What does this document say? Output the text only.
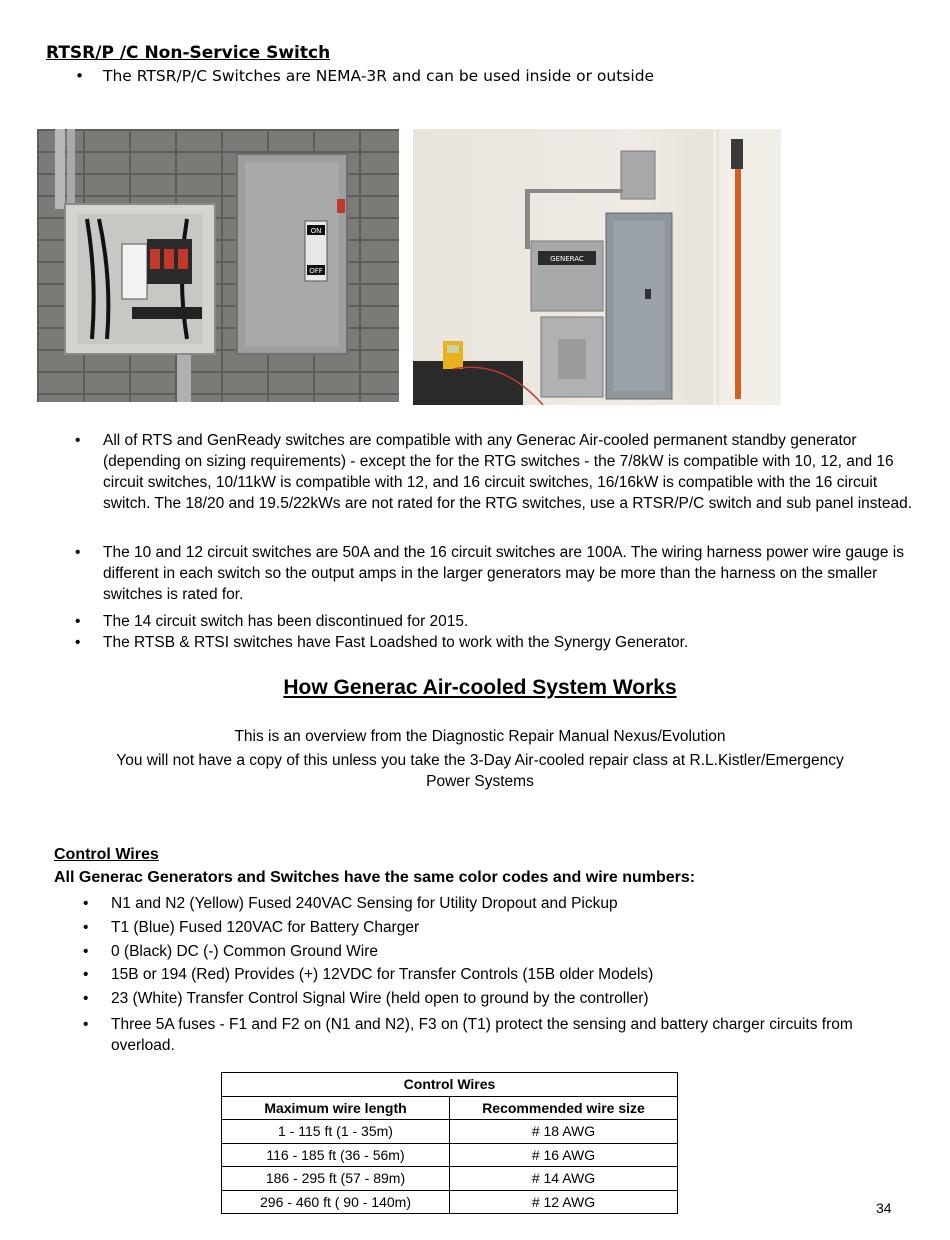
RTSR/P /C Non-Service Switch
• The RTSR/P/C Switches are NEMA-3R and can be used inside or outside
ON
OFF
GENERAC
• All of RTS and GenReady switches are compatible with any Generac Air-cooled permanent standby generator (depending on sizing requirements) - except the for the RTG switches - the 7/8kW is compatible with 10, 12, and 16 circuit switches, 10/11kW is compatible with 12, and 16 circuit switches, 16/16kW is compatible with the 16 circuit switch. The 18/20 and 19.5/22kWs are not rated for the RTG switches, use a RTSR/P/C switch and sub panel instead.
• The 10 and 12 circuit switches are 50A and the 16 circuit switches are 100A. The wiring harness power wire gauge is different in each switch so the output amps in the larger generators may be more than the harness on the smaller switches is rated for.
• The 14 circuit switch has been discontinued for 2015.
• The RTSB & RTSI switches have Fast Loadshed to work with the Synergy Generator.
How Generac Air-cooled System Works
This is an overview from the Diagnostic Repair Manual Nexus/Evolution
You will not have a copy of this unless you take the 3-Day Air-cooled repair class at R.L.Kistler/Emergency
Power Systems
Control Wires
All Generac Generators and Switches have the same color codes and wire numbers:
• N1 and N2 (Yellow) Fused 240VAC Sensing for Utility Dropout and Pickup
• T1 (Blue) Fused 120VAC for Battery Charger
• 0 (Black) DC (-) Common Ground Wire
• 15B or 194 (Red) Provides (+) 12VDC for Transfer Controls (15B older Models)
• 23 (White) Transfer Control Signal Wire (held open to ground by the controller)
• Three 5A fuses - F1 and F2 on (N1 and N2), F3 on (T1) protect the sensing and battery charger circuits from overload.
Control Wires	
Maximum wire length	Recommended wire size
1 - 115 ft (1 - 35m)	# 18 AWG
116 - 185 ft (36 - 56m)	# 16 AWG
186 - 295 ft (57 - 89m)	# 14 AWG
296 - 460 ft ( 90 - 140m)	# 12 AWG	34
